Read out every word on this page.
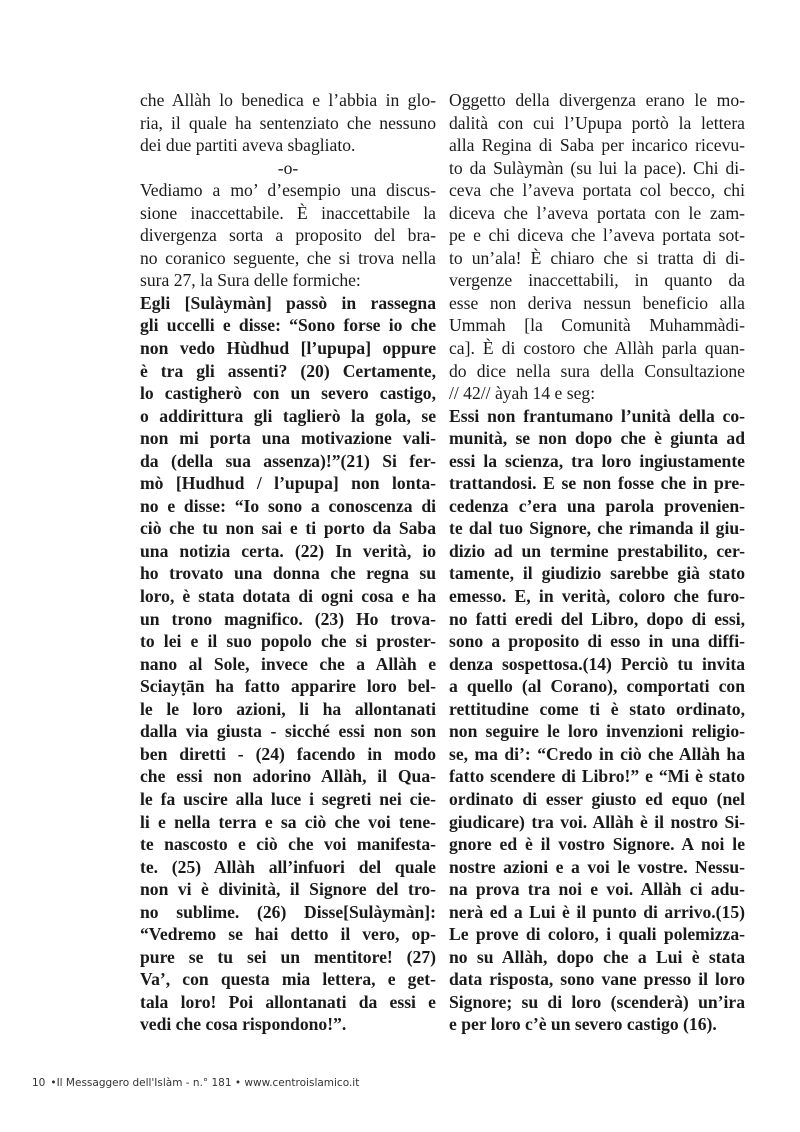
che Allàh lo benedica e l’abbia in glo-
ria, il quale ha sentenziato che nessuno
dei due partiti aveva sbagliato.
-o-
Vediamo a mo’ d’esempio una discus-
sione inaccettabile. È inaccettabile la
divergenza sorta a proposito del bra-
no coranico seguente, che si trova nella
sura 27, la Sura delle formiche:
Egli [Sulàymàn] passò in rassegna
gli uccelli e disse: “Sono forse io che
non vedo Hùdhud [l’upupa] oppure
è tra gli assenti? (20) Certamente,
lo castigherò con un severo castigo,
o addirittura gli taglierò la gola, se
non mi porta una motivazione vali-
da (della sua assenza)!”(21) Si fer-
mò [Hudhud / l’upupa] non lonta-
no e disse: “Io sono a conoscenza di
ciò che tu non sai e ti porto da Saba
una notizia certa. (22) In verità, io
ho trovato una donna che regna su
loro, è stata dotata di ogni cosa e ha
un trono magnifico. (23) Ho trova-
to lei e il suo popolo che si proster-
nano al Sole, invece che a Allàh e
Sciayṭān ha fatto apparire loro bel-
le le loro azioni, li ha allontanati
dalla via giusta - sicché essi non son
ben diretti - (24) facendo in modo
che essi non adorino Allàh, il Qua-
le fa uscire alla luce i segreti nei cie-
li e nella terra e sa ciò che voi tene-
te nascosto e ciò che voi manifesta-
te. (25) Allàh all’infuori del quale
non vi è divinità, il Signore del tro-
no sublime. (26) Disse[Sulàymàn]:
“Vedremo se hai detto il vero, op-
pure se tu sei un mentitore! (27)
Va’, con questa mia lettera, e get-
tala loro! Poi allontanati da essi e
vedi che cosa rispondono!”.
Oggetto della divergenza erano le mo-
dalità con cui l’Upupa portò la lettera
alla Regina di Saba per incarico ricevu-
to da Sulàymàn (su lui la pace). Chi di-
ceva che l’aveva portata col becco, chi
diceva che l’aveva portata con le zam-
pe e chi diceva che l’aveva portata sot-
to un’ala! È chiaro che si tratta di di-
vergenze inaccettabili, in quanto da
esse non deriva nessun beneficio alla
Ummah [la Comunità Muhammàdi-
ca]. È di costoro che Allàh parla quan-
do dice nella sura della Consultazione
// 42// àyah 14 e seg:
Essi non frantumano l’unità della co-
munità, se non dopo che è giunta ad
essi la scienza, tra loro ingiustamente
trattandosi. E se non fosse che in pre-
cedenza c’era una parola provenien-
te dal tuo Signore, che rimanda il giu-
dizio ad un termine prestabilito, cer-
tamente, il giudizio sarebbe già stato
emesso. E, in verità, coloro che furo-
no fatti eredi del Libro, dopo di essi,
sono a proposito di esso in una diffi-
denza sospettosa.(14) Perciò tu invita
a quello (al Corano), comportati con
rettitudine come ti è stato ordinato,
non seguire le loro invenzioni religio-
se, ma di’: “Credo in ciò che Allàh ha
fatto scendere di Libro!” e “Mi è stato
ordinato di esser giusto ed equo (nel
giudicare) tra voi. Allàh è il nostro Si-
gnore ed è il vostro Signore. A noi le
nostre azioni e a voi le vostre. Nessu-
na prova tra noi e voi. Allàh ci adu-
nerà ed a Lui è il punto di arrivo.(15)
Le prove di coloro, i quali polemizza-
no su Allàh, dopo che a Lui è stata
data risposta, sono vane presso il loro
Signore; su di loro (scenderà) un’ira
e per loro c’è un severo castigo (16).
10 •Il Messaggero dell'Islàm - n.° 181 • www.centroislamico.it
